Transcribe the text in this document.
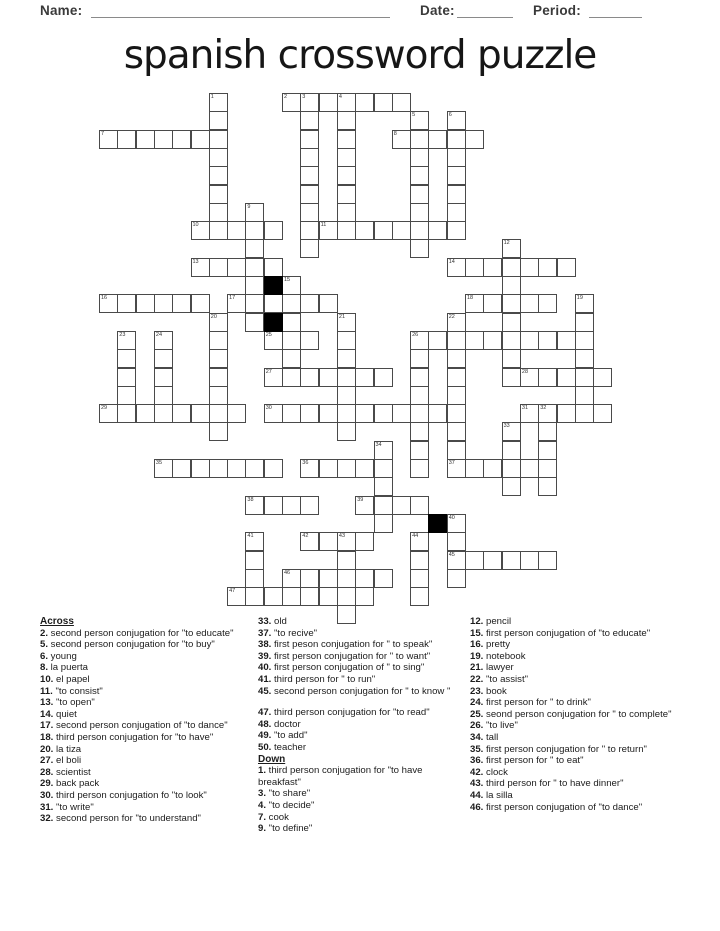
Name:	Date:	Period:
spanish crossword puzzle
1	2	3	4
5	6
7	8
9
10	11
12
13	14
15
16	17	18	19
20	21	22
23	24	25	26
27	28
29	30	31 32
33
34
35	36	37
38	39
40
45
41	42	43	44
46
47
Across
2. second person conjugation for "to educate"
5. second person conjugation for "to buy"
6. young
8. la puerta
10. el papel
11. "to consist"
13. "to open"
14. quiet
17. second person conjugation of "to dance"
18. third person conjugation for "to have"
20. la tiza
27. el boli
28. scientist
29. back pack
30. third person conjugation fo "to look"
31. "to write"
32. second person for "to understand"
33. old
37. "to recive"
38. first peson conjugation for " to speak"
39. first person conjugation for " to want"
40. first person conjugation of " to sing"
41. third person for " to run"
45. second person conjugation for " to know "
47. third person conjugation for "to read"
48. doctor
49. "to add"
50. teacher
Down
1. third person conjugation for "to have breakfast"
3. "to share"
4. "to decide"
7. cook
9. "to define"
12. pencil
15. first person conjugation of "to educate"
16. pretty
19. notebook
21. lawyer
22. "to assist"
23. book
24. first person for " to drink"
25. seond person conjugation for " to complete"
26. "to live"
34. tall
35. first person conjugation for " to return"
36. first person for " to eat"
42. clock
43. third person for " to have dinner"
44. la silla
46. first person conjugation of "to dance"
